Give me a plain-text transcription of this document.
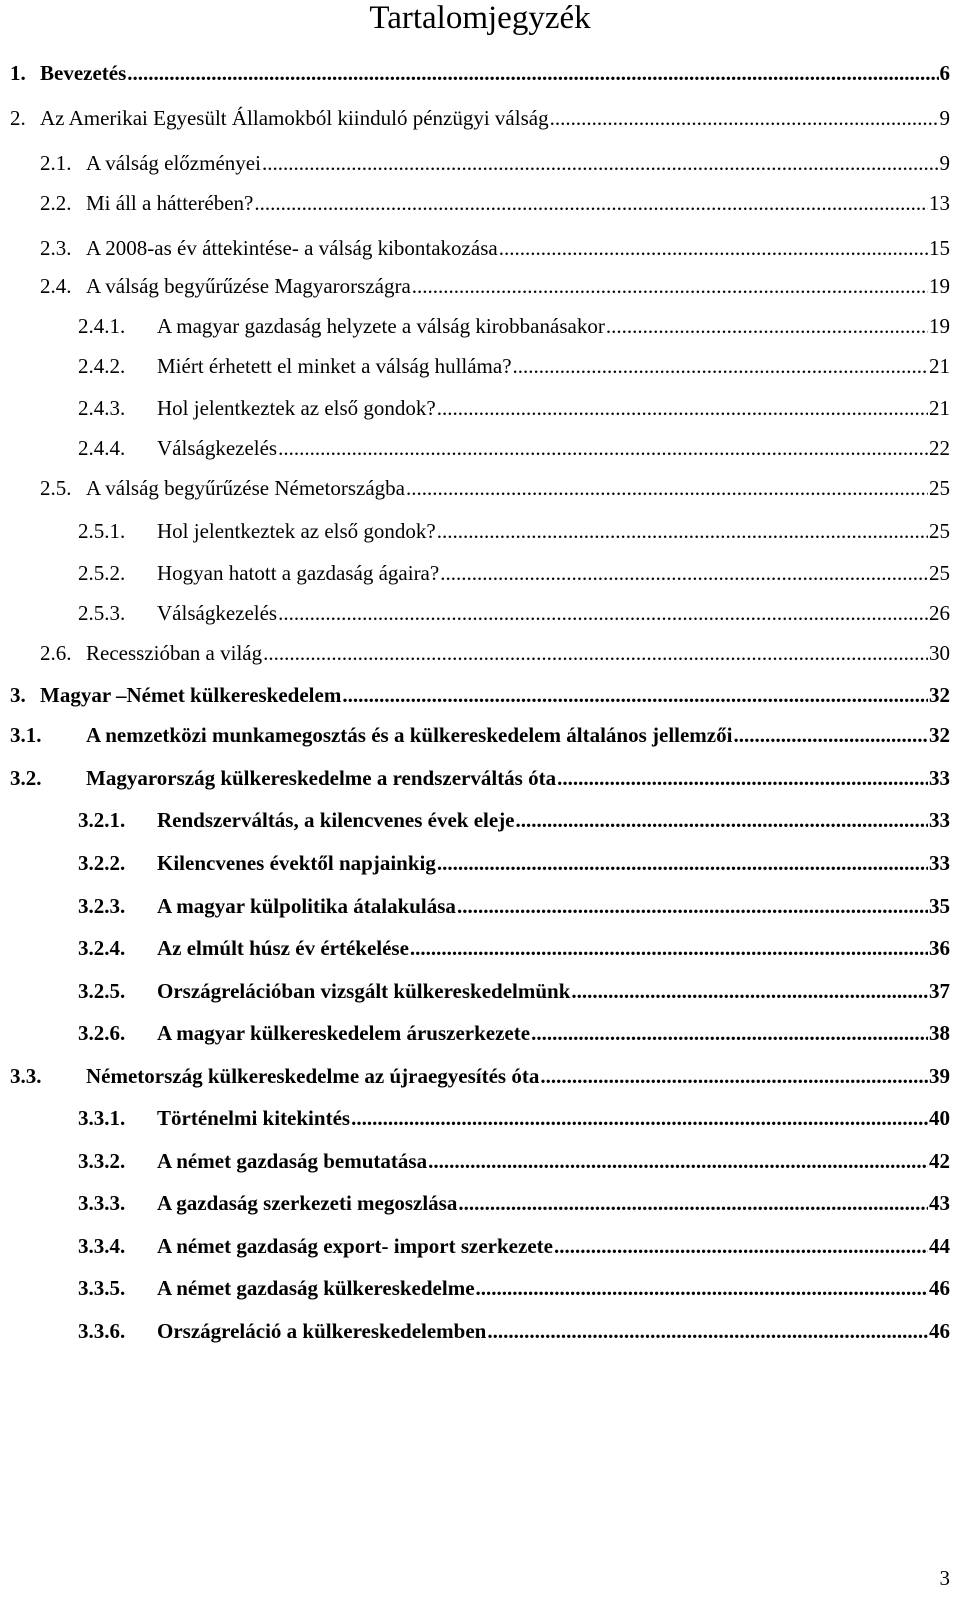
Tartalomjegyzék
1. Bevezetés .....	6
2. Az Amerikai Egyesült Államokból kiinduló pénzügyi válság .....	9
2.1. A válság előzményei .....	9
2.2. Mi áll a hátterében? .....	13
2.3. A 2008-as év áttekintése- a válság kibontakozása .....	15
2.4. A válság begyűrűzése Magyarországra .....	19
2.4.1.	A magyar gazdaság helyzete a válság kirobbanásakor .....	19
2.4.2.	Miért érhetett el minket a válság hulláma? .....	21
2.4.3.	Hol jelentkeztek az első gondok? .....	21
2.4.4.	Válságkezelés .....	22
2.5. A válság begyűrűzése Németországba .....	25
2.5.1.	Hol jelentkeztek az első gondok? .....	25
2.5.2.	Hogyan hatott a gazdaság ágaira? .....	25
2.5.3.	Válságkezelés .....	26
2.6. Recesszióban a világ .....	30
3. Magyar –Német külkereskedelem .....	32
3.1.	A nemzetközi munkamegosztás és a külkereskedelem általános jellemzői .....	32
3.2.	Magyarország külkereskedelme a rendszerváltás óta .....	33
3.2.1.	Rendszerváltás, a kilencvenes évek eleje .....	33
3.2.2.	Kilencvenes évektől napjainkig .....	33
3.2.3.	A magyar külpolitika átalakulása .....	35
3.2.4.	Az elmúlt húsz év értékelése .....	36
3.2.5.	Országrelációban vizsgált külkereskedelmünk .....	37
3.2.6.	A magyar külkereskedelem áruszerkezete .....	38
3.3.	Németország külkereskedelme az újraegyesítés óta .....	39
3.3.1.	Történelmi kitekintés .....	40
3.3.2.	A német gazdaság bemutatása .....	42
3.3.3.	A gazdaság szerkezeti megoszlása .....	43
3.3.4.	A német gazdaság export- import szerkezete .....	44
3.3.5.	A német gazdaság külkereskedelme .....	46
3.3.6.	Országreláció a külkereskedelemben .....	46
3
